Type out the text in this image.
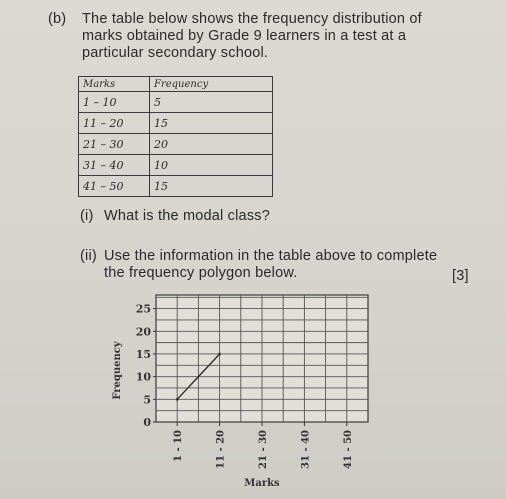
(b) The table below shows the frequency distribution of
marks obtained by Grade 9 learners in a test at a
particular secondary school.
Marks	Frequency
1 – 10	5
11 – 20	15
21 – 30	20
31 – 40	10
41 – 50	15
(i) What is the modal class?
(ii) Use the information in the table above to complete
the frequency polygon below.	[3]
0
5
10
15
20
25
Frequency
1 - 10	11 - 20	21 - 30	31 - 40	41 - 50
Marks
